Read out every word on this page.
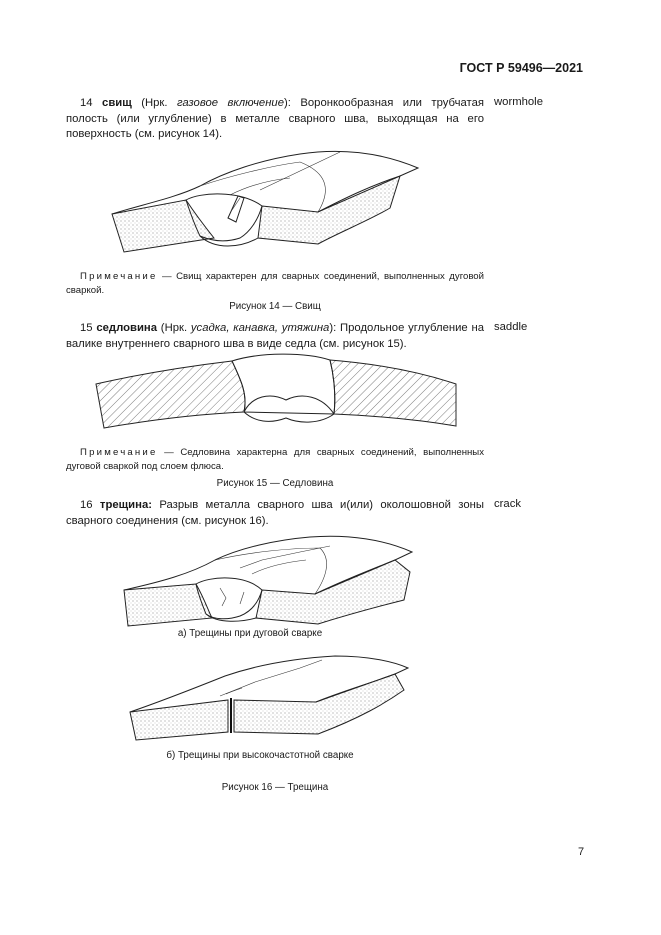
ГОСТ Р 59496—2021
14 свищ (Нрк. газовое включение): Воронкообразная или трубчатая полость (или углубление) в металле сварного шва, выходящая на его поверхность (см. рисунок 14).
wormhole
Примечание — Свищ характерен для сварных соединений, выполненных дуговой сваркой.
Рисунок 14 — Свищ
15 седловина (Нрк. усадка, канавка, утяжина): Продольное углубление на валике внутреннего сварного шва в виде седла (см. рисунок 15).
saddle
Примечание — Седловина характерна для сварных соединений, выполненных дуговой сваркой под слоем флюса.
Рисунок 15 — Седловина
16 трещина: Разрыв металла сварного шва и(или) околошовной зоны сварного соединения (см. рисунок 16).
crack
а) Трещины при дуговой сварке
б) Трещины при высокочастотной сварке
Рисунок 16 — Трещина
7
